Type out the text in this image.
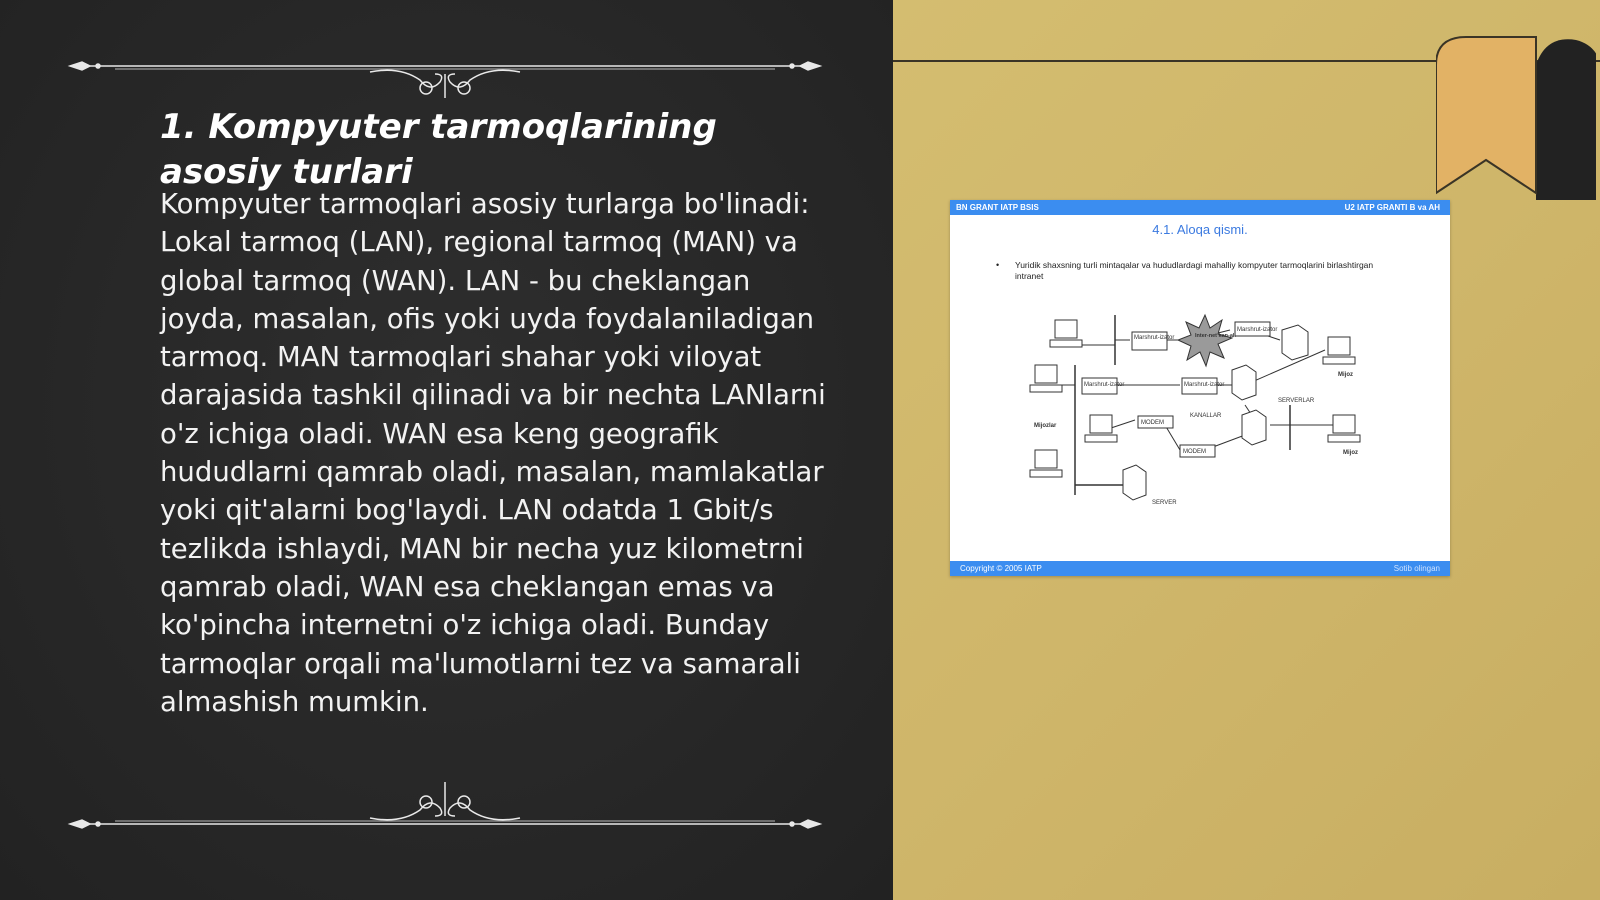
1. Kompyuter tarmoqlarining asosiy turlari

Kompyuter tarmoqlari asosiy turlarga bo'linadi: Lokal tarmoq (LAN), regional tarmoq (MAN) va global tarmoq (WAN). LAN - bu cheklangan joyda, masalan, ofis yoki uyda foydalaniladigan tarmoq. MAN tarmoqlari shahar yoki viloyat darajasida tashkil qilinadi va bir nechta LANlarni o'z ichiga oladi. WAN esa keng geografik hududlarni qamrab oladi, masalan, mamlakatlar yoki qit'alarni bog'laydi. LAN odatda 1 Gbit/s tezlikda ishlaydi, MAN bir necha yuz kilometrni qamrab oladi, WAN esa cheklangan emas va ko'pincha internetni o'z ichiga oladi. Bunday tarmoqlar orqali ma'lumotlarni tez va samarali almashish mumkin.

BN GRANT IATP BSIS	U2 IATP GRANTI B va AH
4.1. Aloqa qismi.
•	Yuridik shaxsning turli mintaqalar va hududlardagi mahalliy kompyuter tarmoqlarini birlashtirgan intranet
Marshrut-izator
Marshrut-izator
Marshrut-izator	Marshrut-izator
MODEM
MODEM
Inter-net kan-ali
SERVERLAR
KANALLAR
SERVER
Mijozlar
Mijoz
Mijoz
Copyright © 2005 IATP	Sotib olingan
